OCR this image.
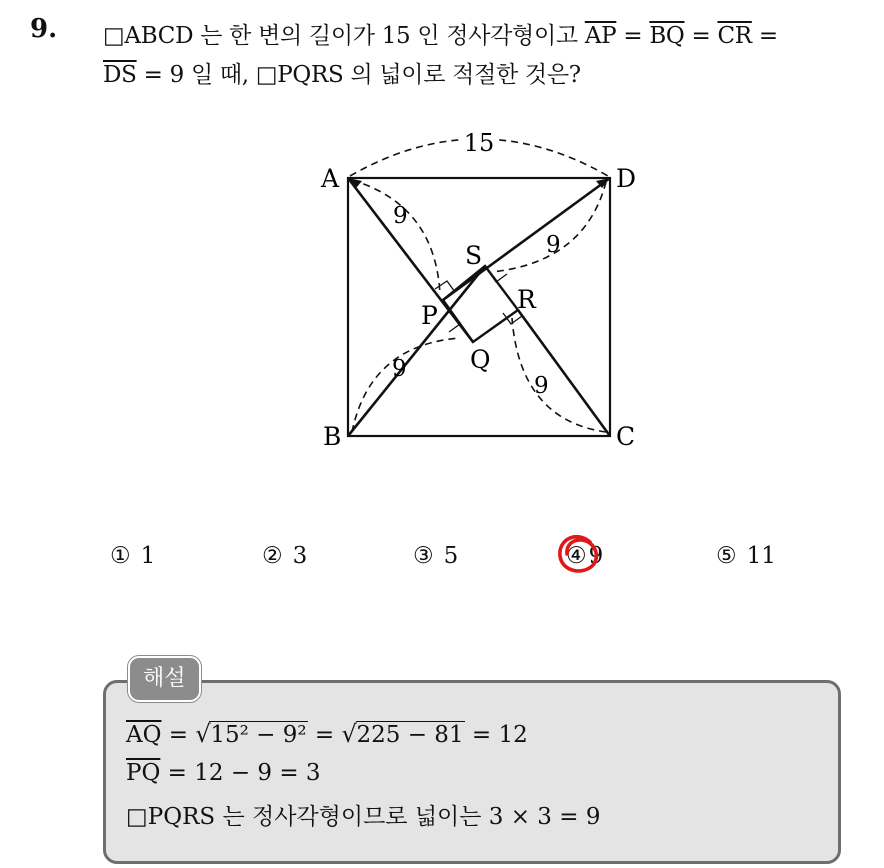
9. □ABCD 는 한 변의 길이가 15 인 정사각형이고 $\overline{AP} = \overline{BQ} = \overline{CR}$ =
$\overline{DS} = 9$ 일 때, □PQRS 의 넓이로 적절한 것은?
15
A	D
B	C
P
S
R
Q
9
9
9
9
① 1	② 3	③ 5	④
9	⑤ 11
해설
$\overline{AQ}$ = √ 15² − 9² = √ 225 − 81 = 12
$\overline{PQ} = 12 - 9 = 3$
□PQRS 는 정사각형이므로 넓이는 3 × 3 = 9
